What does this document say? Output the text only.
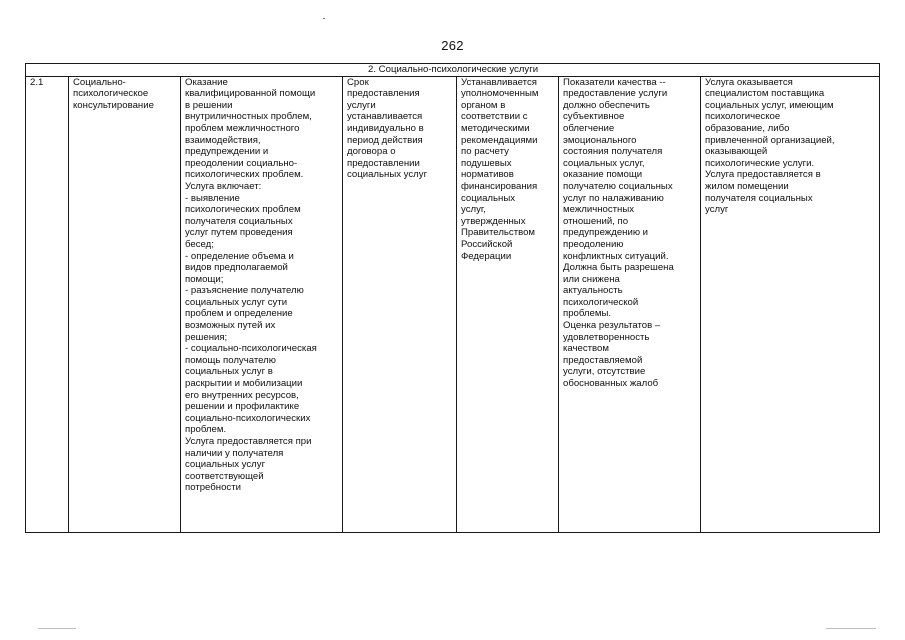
262
2. Социально-психологические услуги
2.1	Социально-
психологическое
консультирование	Оказание
квалифицированной помощи
в решении
внутриличностных проблем,
проблем межличностного
взаимодействия,
предупреждении и
преодолении социально-
психологических проблем.
Услуга включает:
- выявление
психологических проблем
получателя социальных
услуг путем проведения
бесед;
- определение объема и
видов предполагаемой
помощи;
- разъяснение получателю
социальных услуг сути
проблем и определение
возможных путей их
решения;
- социально-психологическая
помощь получателю
социальных услуг в
раскрытии и мобилизации
его внутренних ресурсов,
решении и профилактике
социально-психологических
проблем.
Услуга предоставляется при
наличии у получателя
социальных услуг
соответствующей
потребности	Срок
предоставления
услуги
устанавливается
индивидуально в
период действия
договора о
предоставлении
социальных услуг	Устанавливается
уполномоченным
органом в
соответствии с
методическими
рекомендациями
по расчету
подушевых
нормативов
финансирования
социальных
услуг,
утвержденных
Правительством
Российской
Федерации	Показатели качества --
предоставление услуги
должно обеспечить
субъективное
облегчение
эмоционального
состояния получателя
социальных услуг,
оказание помощи
получателю социальных
услуг по налаживанию
межличностных
отношений, по
предупреждению и
преодолению
конфликтных ситуаций.
Должна быть разрешена
или снижена
актуальность
психологической
проблемы.
Оценка результатов –
удовлетворенность
качеством
предоставляемой
услуги, отсутствие
обоснованных жалоб	Услуга оказывается
специалистом поставщика
социальных услуг, имеющим
психологическое
образование, либо
привлеченной организацией,
оказывающей
психологические услуги.
Услуга предоставляется в
жилом помещении
получателя социальных
услуг
